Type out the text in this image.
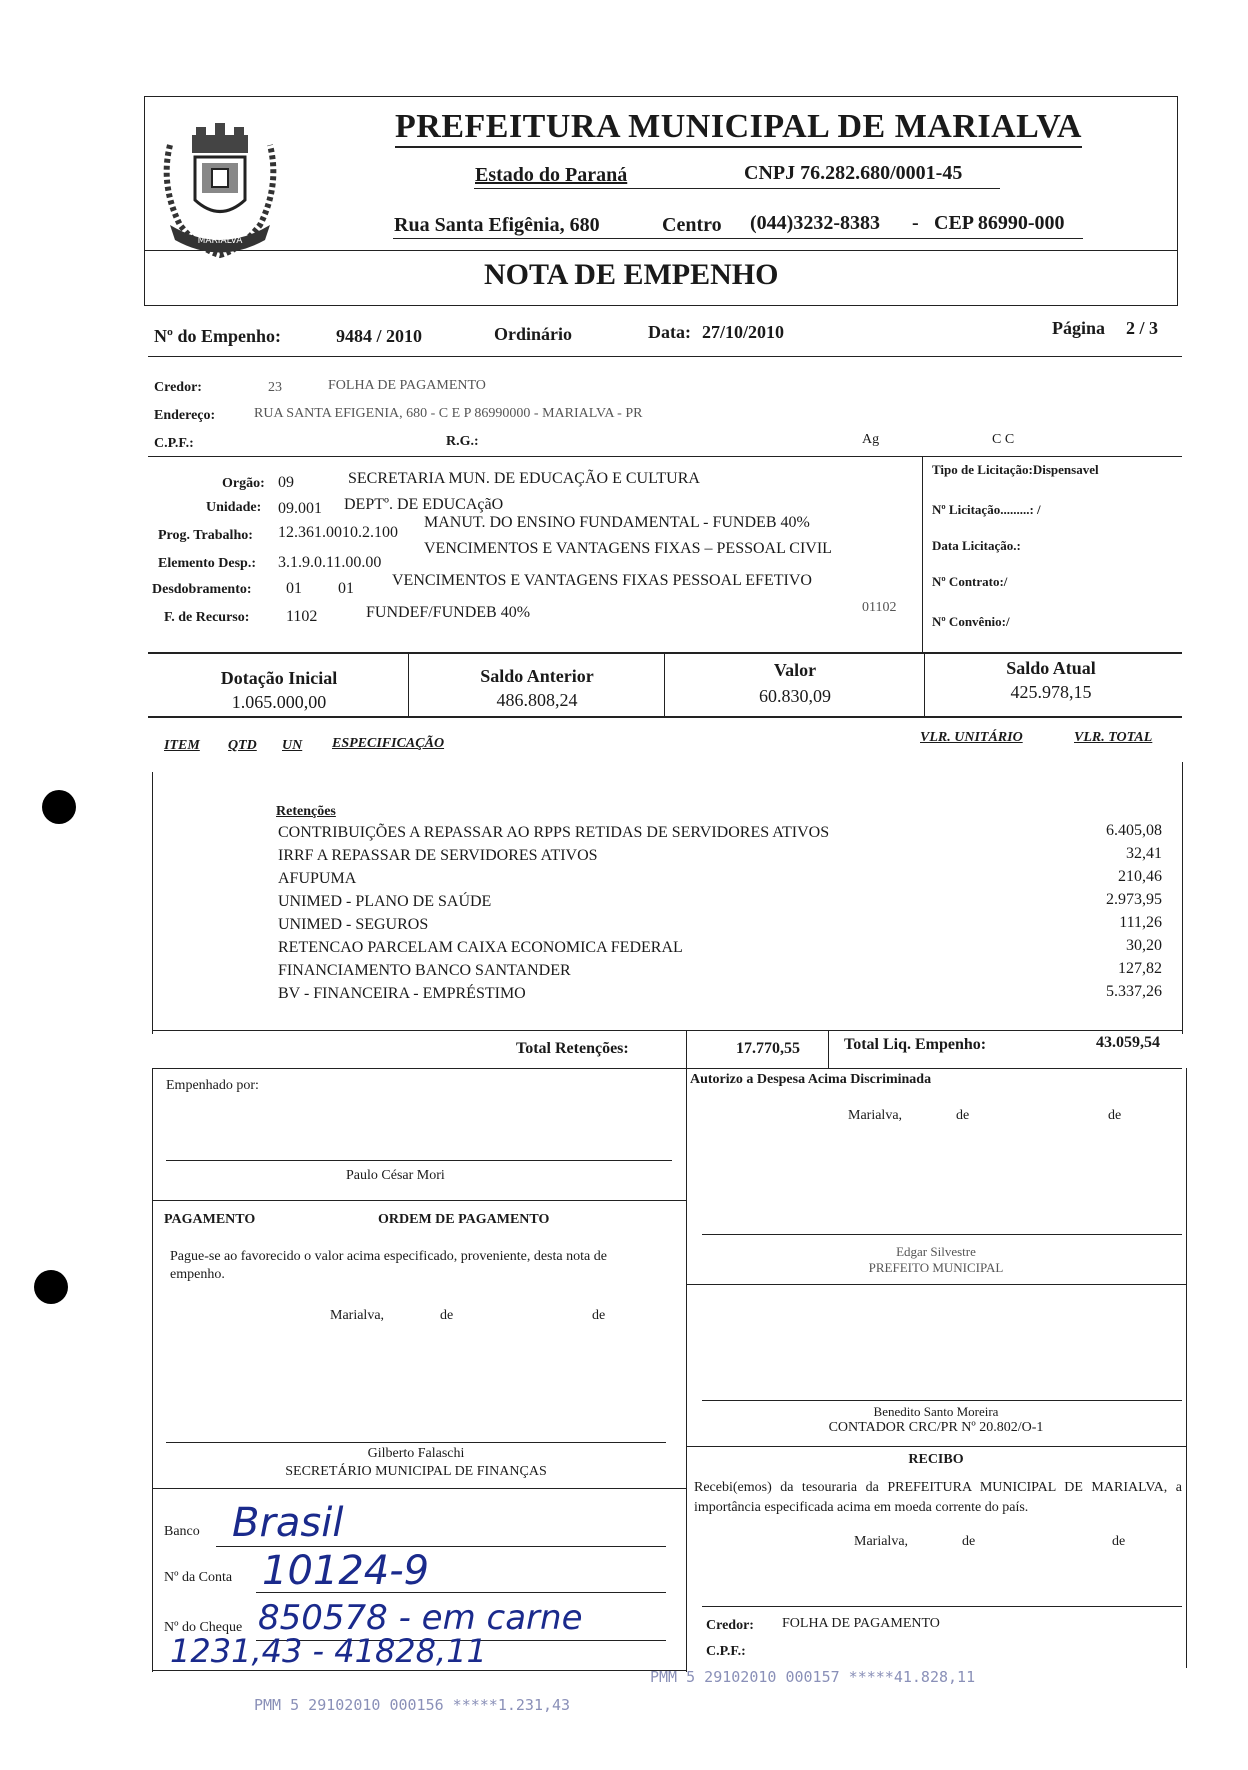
MARIALVA
PREFEITURA MUNICIPAL DE MARIALVA
Estado do Paraná	CNPJ 76.282.680/0001-45
Rua Santa Efigênia, 680	Centro (044)3232-8383 - CEP 86990-000
NOTA DE EMPENHO
Nº do Empenho:	9484 / 2010	Ordinário	Data: 27/10/2010	Página 2 / 3
Credor:	23	FOLHA DE PAGAMENTO
Endereço:	RUA SANTA EFIGENIA, 680 - C E P 86990000 - MARIALVA - PR
C.P.F.:	R.G.:	Ag	C C
Orgão: 09	SECRETARIA MUN. DE EDUCAÇÃO E CULTURA
Unidade: 09.001 DEPTº. DE EDUCAçãO
Prog. Trabalho: 12.361.0010.2.100
MANUT. DO ENSINO FUNDAMENTAL - FUNDEB 40%
Elemento Desp.: 3.1.9.0.11.00.00
VENCIMENTOS E VANTAGENS FIXAS – PESSOAL CIVIL
Desdobramento: 01 01 VENCIMENTOS E VANTAGENS FIXAS PESSOAL EFETIVO
F. de Recurso: 1102	FUNDEF/FUNDEB 40%	01102
Tipo de Licitação:Dispensavel
Nº Licitação.........: /
Data Licitação.:
Nº Contrato:/
Nº Convênio:/
Dotação Inicial
1.065.000,00
Saldo Anterior
486.808,24
Valor
60.830,09
Saldo Atual
425.978,15
ITEM QTD UN ESPECIFICAÇÃO	VLR. UNITÁRIO	VLR. TOTAL
Retenções
CONTRIBUIÇÕES A REPASSAR AO RPPS RETIDAS DE SERVIDORES ATIVOS	6.405,08
IRRF A REPASSAR DE SERVIDORES ATIVOS	32,41
AFUPUMA	210,46
UNIMED - PLANO DE SAÚDE	2.973,95
UNIMED - SEGUROS	111,26
RETENCAO PARCELAM CAIXA ECONOMICA FEDERAL	30,20
FINANCIAMENTO BANCO SANTANDER	127,82
BV - FINANCEIRA - EMPRÉSTIMO	5.337,26
Total Retenções:	17.770,55	Total Liq. Empenho:	43.059,54
Empenhado por:
Paulo César Mori
PAGAMENTO	ORDEM DE PAGAMENTO
Pague-se ao favorecido o valor acima especificado, proveniente, desta nota de empenho.
Marialva,	de	de
Gilberto Falaschi
SECRETÁRIO MUNICIPAL DE FINANÇAS
Banco Brasil
Nº da Conta 10124-9
Nº do Cheque 850578 - em carne
1231,43 - 41828,11
Autorizo a Despesa Acima Discriminada
Marialva,	de	de
Edgar Silvestre
PREFEITO MUNICIPAL
Benedito Santo Moreira
CONTADOR CRC/PR Nº 20.802/O-1
RECIBO
Recebi(emos) da tesouraria da PREFEITURA MUNICIPAL DE MARIALVA, a importância especificada acima em moeda corrente do país.
Marialva,	de	de
Credor: FOLHA DE PAGAMENTO
C.P.F.:
PMM 5 29102010 000157 *****41.828,11
PMM 5 29102010 000156 *****1.231,43
